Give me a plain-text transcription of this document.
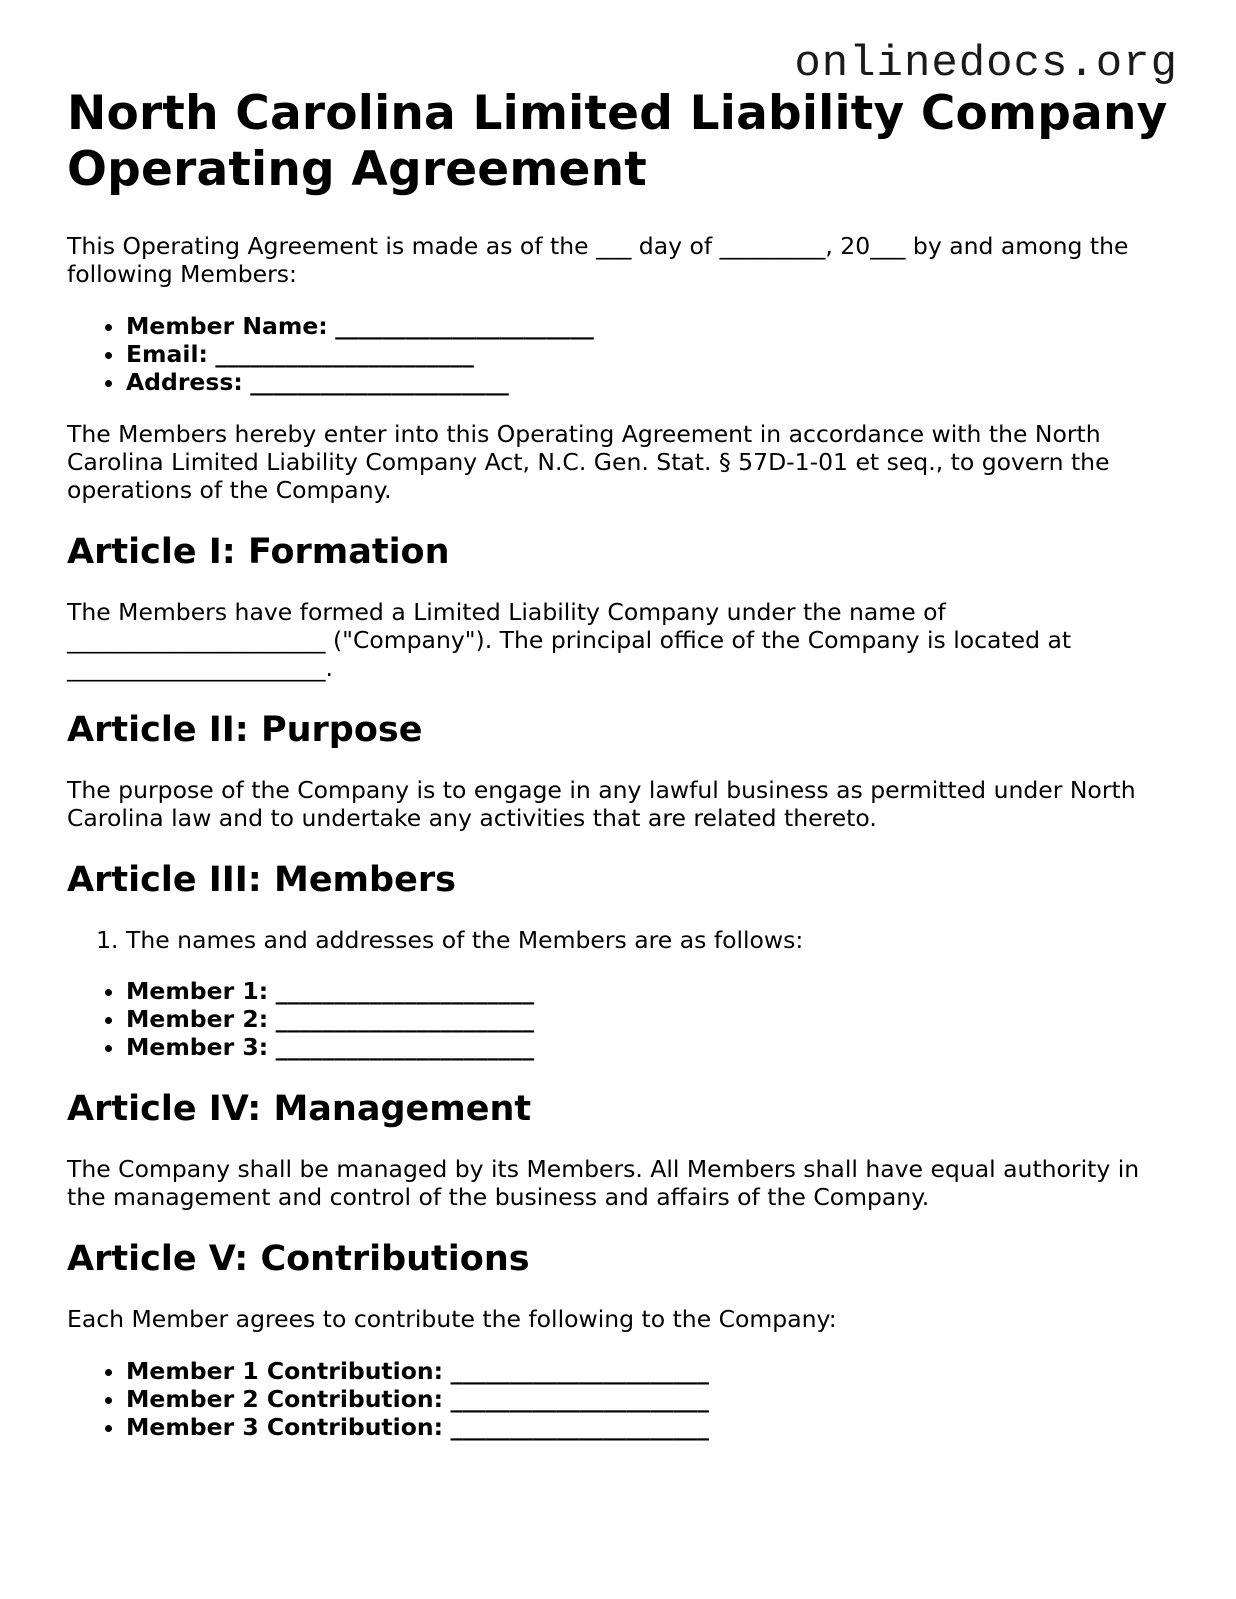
onlinedocs.org
North Carolina Limited Liability Company Operating Agreement

This Operating Agreement is made as of the ___ day of _________, 20___ by and among the following Members:

• Member Name: ______________________
• Email: ______________________
• Address: ______________________

The Members hereby enter into this Operating Agreement in accordance with the North Carolina Limited Liability Company Act, N.C. Gen. Stat. § 57D-1-01 et seq., to govern the operations of the Company.

Article I: Formation

The Members have formed a Limited Liability Company under the name of ______________________ ("Company"). The principal office of the Company is located at ______________________.

Article II: Purpose

The purpose of the Company is to engage in any lawful business as permitted under North Carolina law and to undertake any activities that are related thereto.

Article III: Members
1. The names and addresses of the Members are as follows:
• Member 1: ______________________
• Member 2: ______________________
• Member 3: ______________________
Article IV: Management

The Company shall be managed by its Members. All Members shall have equal authority in the management and control of the business and affairs of the Company.

Article V: Contributions

Each Member agrees to contribute the following to the Company:

• Member 1 Contribution: ______________________
• Member 2 Contribution: ______________________
• Member 3 Contribution: ______________________
